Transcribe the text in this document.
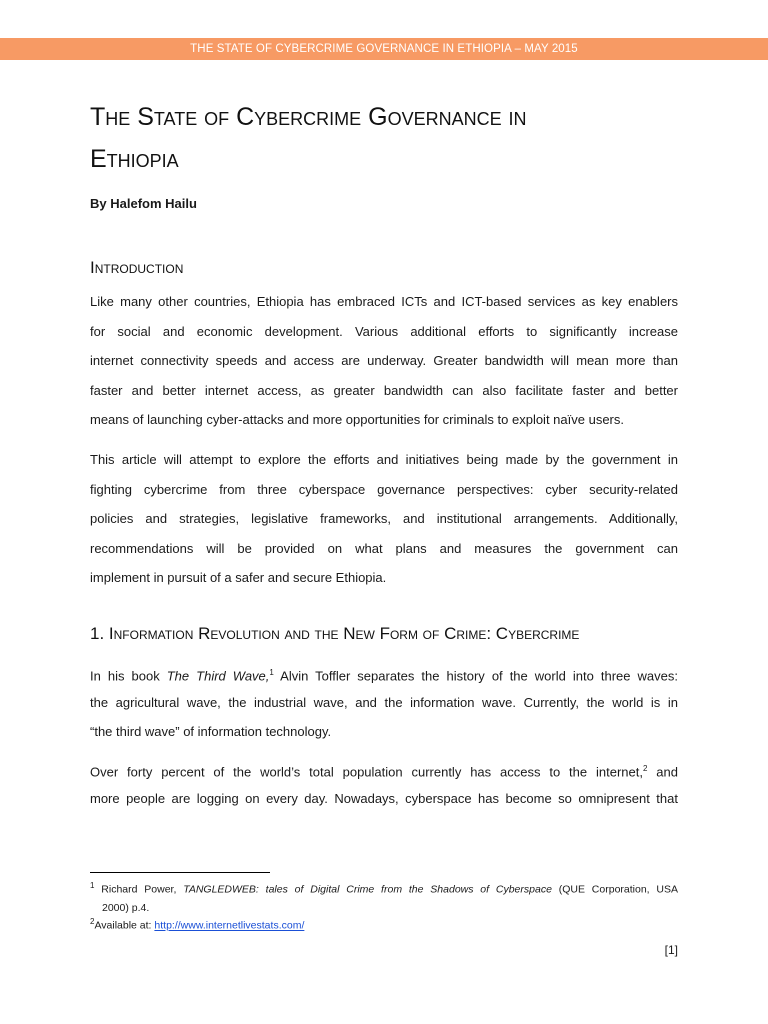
THE STATE OF CYBERCRIME GOVERNANCE IN ETHIOPIA – MAY 2015
The State of Cybercrime Governance in
Ethiopia
By Halefom Hailu
Introduction
Like many other countries, Ethiopia has embraced ICTs and ICT-based services as key enablers
for social and economic development. Various additional efforts to significantly increase
internet connectivity speeds and access are underway. Greater bandwidth will mean more than
faster and better internet access, as greater bandwidth can also facilitate faster and better
means of launching cyber-attacks and more opportunities for criminals to exploit naïve users.
This article will attempt to explore the efforts and initiatives being made by the government in
fighting cybercrime from three cyberspace governance perspectives: cyber security-related
policies and strategies, legislative frameworks, and institutional arrangements. Additionally,
recommendations will be provided on what plans and measures the government can
implement in pursuit of a safer and secure Ethiopia.
1. Information Revolution and the New Form of Crime: Cybercrime
In his book The Third Wave,$^1$ Alvin Toffler separates the history of the world into three waves:
the agricultural wave, the industrial wave, and the information wave. Currently, the world is in
“the third wave” of information technology.
Over forty percent of the world’s total population currently has access to the internet,$^2$ and
more people are logging on every day. Nowadays, cyberspace has become so omnipresent that
$^1$ Richard Power, TANGLEDWEB: tales of Digital Crime from the Shadows of Cyberspace (QUE Corporation, USA
2000) p.4.
$^2$Available at: http://www.internetlivestats.com/
[1]
